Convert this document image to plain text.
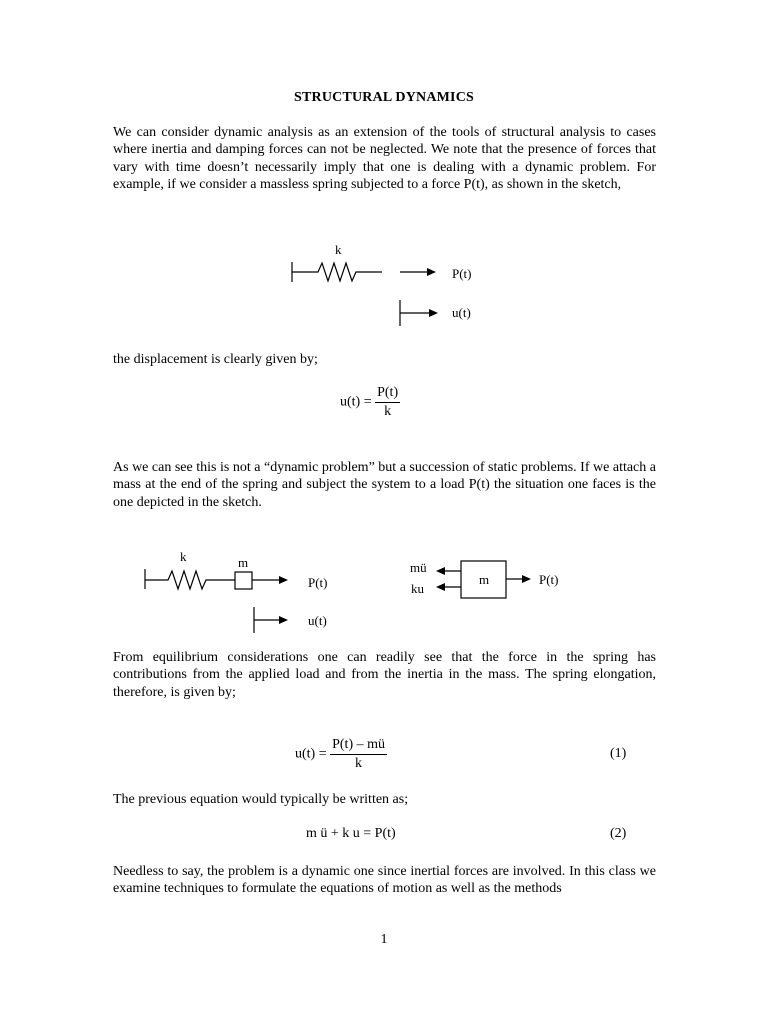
STRUCTURAL DYNAMICS

We can consider dynamic analysis as an extension of the tools of structural analysis to cases where inertia and damping forces can not be neglected. We note that the presence of forces that vary with time doesn’t necessarily imply that one is dealing with a dynamic problem. For example, if we consider a massless spring subjected to a force P(t), as shown in the sketch,

k
P(t)
u(t)

the displacement is clearly given by;

$u(t) = \frac{P(t)}{k}$

As we can see this is not a “dynamic problem” but a succession of static problems. If we attach a mass at the end of the spring and subject the system to a load P(t) the situation one faces is the one depicted in the sketch.

k	m
P(t)
u(t)
mü
ku
m	P(t)

From equilibrium considerations one can readily see that the force in the spring has contributions from the applied load and from the inertia in the mass. The spring elongation, therefore, is given by;

$u(t) = \frac{P(t) - mü}{k}$	(1)

The previous equation would typically be written as;

m ü + k u = P(t)	(2)

Needless to say, the problem is a dynamic one since inertial forces are involved. In this class we examine techniques to formulate the equations of motion as well as the methods

1
